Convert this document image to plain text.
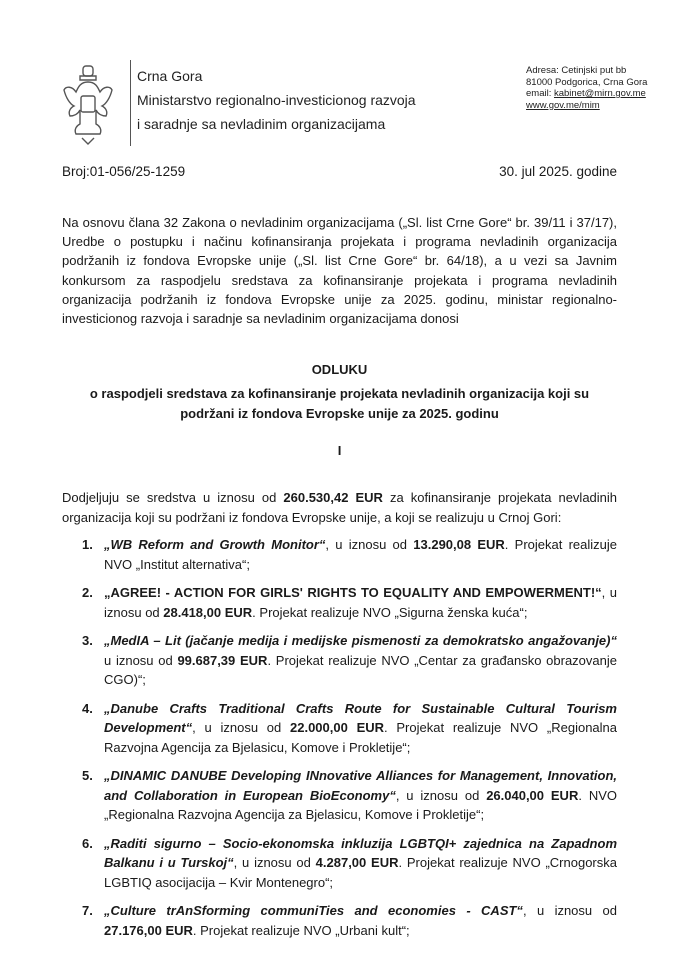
Crna Gora
Ministarstvo regionalno-investicionog razvoja
i saradnje sa nevladinim organizacijama
Adresa: Cetinjski put bb
81000 Podgorica, Crna Gora
email: kabinet@mirn.gov.me
www.gov.me/mim
Broj:01-056/25-1259	30. jul 2025. godine
Na osnovu člana 32 Zakona o nevladinim organizacijama („Sl. list Crne Gore“ br. 39/11 i 37/17), Uredbe o postupku i načinu kofinansiranja projekata i programa nevladinih organizacija podržanih iz fondova Evropske unije („Sl. list Crne Gore“ br. 64/18), a u vezi sa Javnim konkursom za raspodjelu sredstava za kofinansiranje projekata i programa nevladinih organizacija podržanih iz fondova Evropske unije za 2025. godinu, ministar regionalno-investicionog razvoja i saradnje sa nevladinim organizacijama donosi
ODLUKU
o raspodjeli sredstava za kofinansiranje projekata nevladinih organizacija koji su podržani iz fondova Evropske unije za 2025. godinu
I
Dodjeljuju se sredstva u iznosu od 260.530,42 EUR za kofinansiranje projekata nevladinih organizacija koji su podržani iz fondova Evropske unije, a koji se realizuju u Crnoj Gori:
1. „WB Reform and Growth Monitor“, u iznosu od 13.290,08 EUR. Projekat realizuje NVO „Institut alternativa“;
2. „AGREE! - ACTION FOR GIRLS' RIGHTS TO EQUALITY AND EMPOWERMENT!“, u iznosu od 28.418,00 EUR. Projekat realizuje NVO „Sigurna ženska kuća“;
3. „MedIA – Lit (jačanje medija i medijske pismenosti za demokratsko angažovanje)“ u iznosu od 99.687,39 EUR. Projekat realizuje NVO „Centar za građansko obrazovanje CGO)“;
4. „Danube Crafts Traditional Crafts Route for Sustainable Cultural Tourism Development“, u iznosu od 22.000,00 EUR. Projekat realizuje NVO „Regionalna Razvojna Agencija za Bjelasicu, Komove i Prokletije“;
5. „DINAMIC DANUBE Developing INnovative Alliances for Management, Innovation, and Collaboration in European BioEconomy“, u iznosu od 26.040,00 EUR. NVO „Regionalna Razvojna Agencija za Bjelasicu, Komove i Prokletije“;
6. „Raditi sigurno – Socio-ekonomska inkluzija LGBTQI+ zajednica na Zapadnom Balkanu i u Turskoj“, u iznosu od 4.287,00 EUR. Projekat realizuje NVO „Crnogorska LGBTIQ asocijacija – Kvir Montenegro“;
7. „Culture trAnSforming communiTies and economies - CAST“, u iznosu od 27.176,00 EUR. Projekat realizuje NVO „Urbani kult“;
